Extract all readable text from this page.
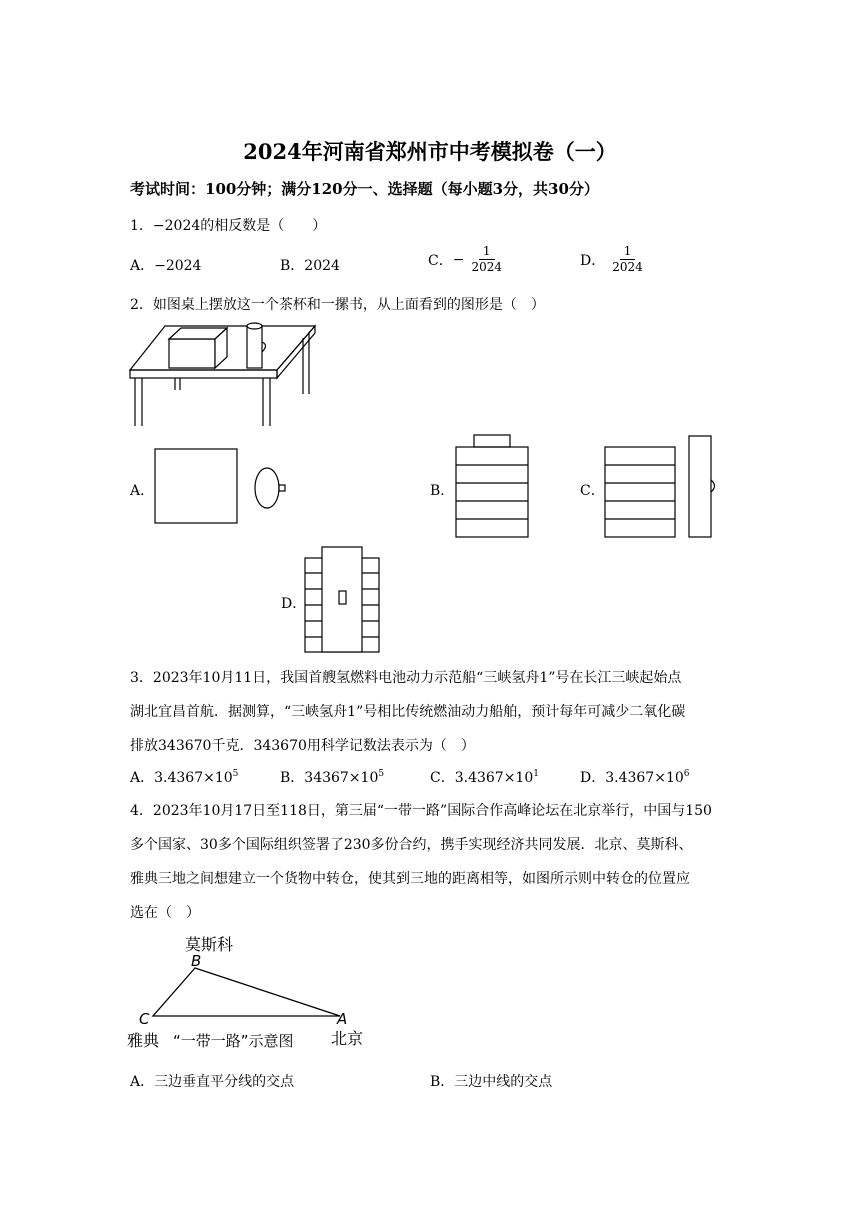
2024年河南省郑州市中考模拟卷（一）
考试时间：100分钟；满分120分一、选择题（每小题3分，共30分）
1．−2024的相反数是（　　）
A．−2024	B．2024	C． − $\frac{1}{2024}$	D． $\frac{1}{2024}$
2．如图桌上摆放这一个茶杯和一摞书，从上面看到的图形是（　）
A．	B．	C．
D．
3．2023年10月11日，我国首艘氢燃料电池动力示范船“三峡氢舟1”号在长江三峡起始点
湖北宜昌首航．据测算，“三峡氢舟1”号相比传统燃油动力船舶，预计每年可减少二氧化碳
排放343670千克．343670用科学记数法表示为（　）
A．$3.4367\times 10^5$	B．$34367\times 10^5$	C．$3.4367\times 10^1$	D．$3.4367\times 10^6$
4．2023年10月17日至118日，第三届“一带一路”国际合作高峰论坛在北京举行，中国与150
多个国家、30多个国际组织签署了230多份合约，携手实现经济共同发展．北京、莫斯科、
雅典三地之间想建立一个货物中转仓，使其到三地的距离相等，如图所示则中转仓的位置应
选在（　）
莫斯科
B
C	A
雅典 “一带一路”示意图 北京
A．三边垂直平分线的交点	B．三边中线的交点
